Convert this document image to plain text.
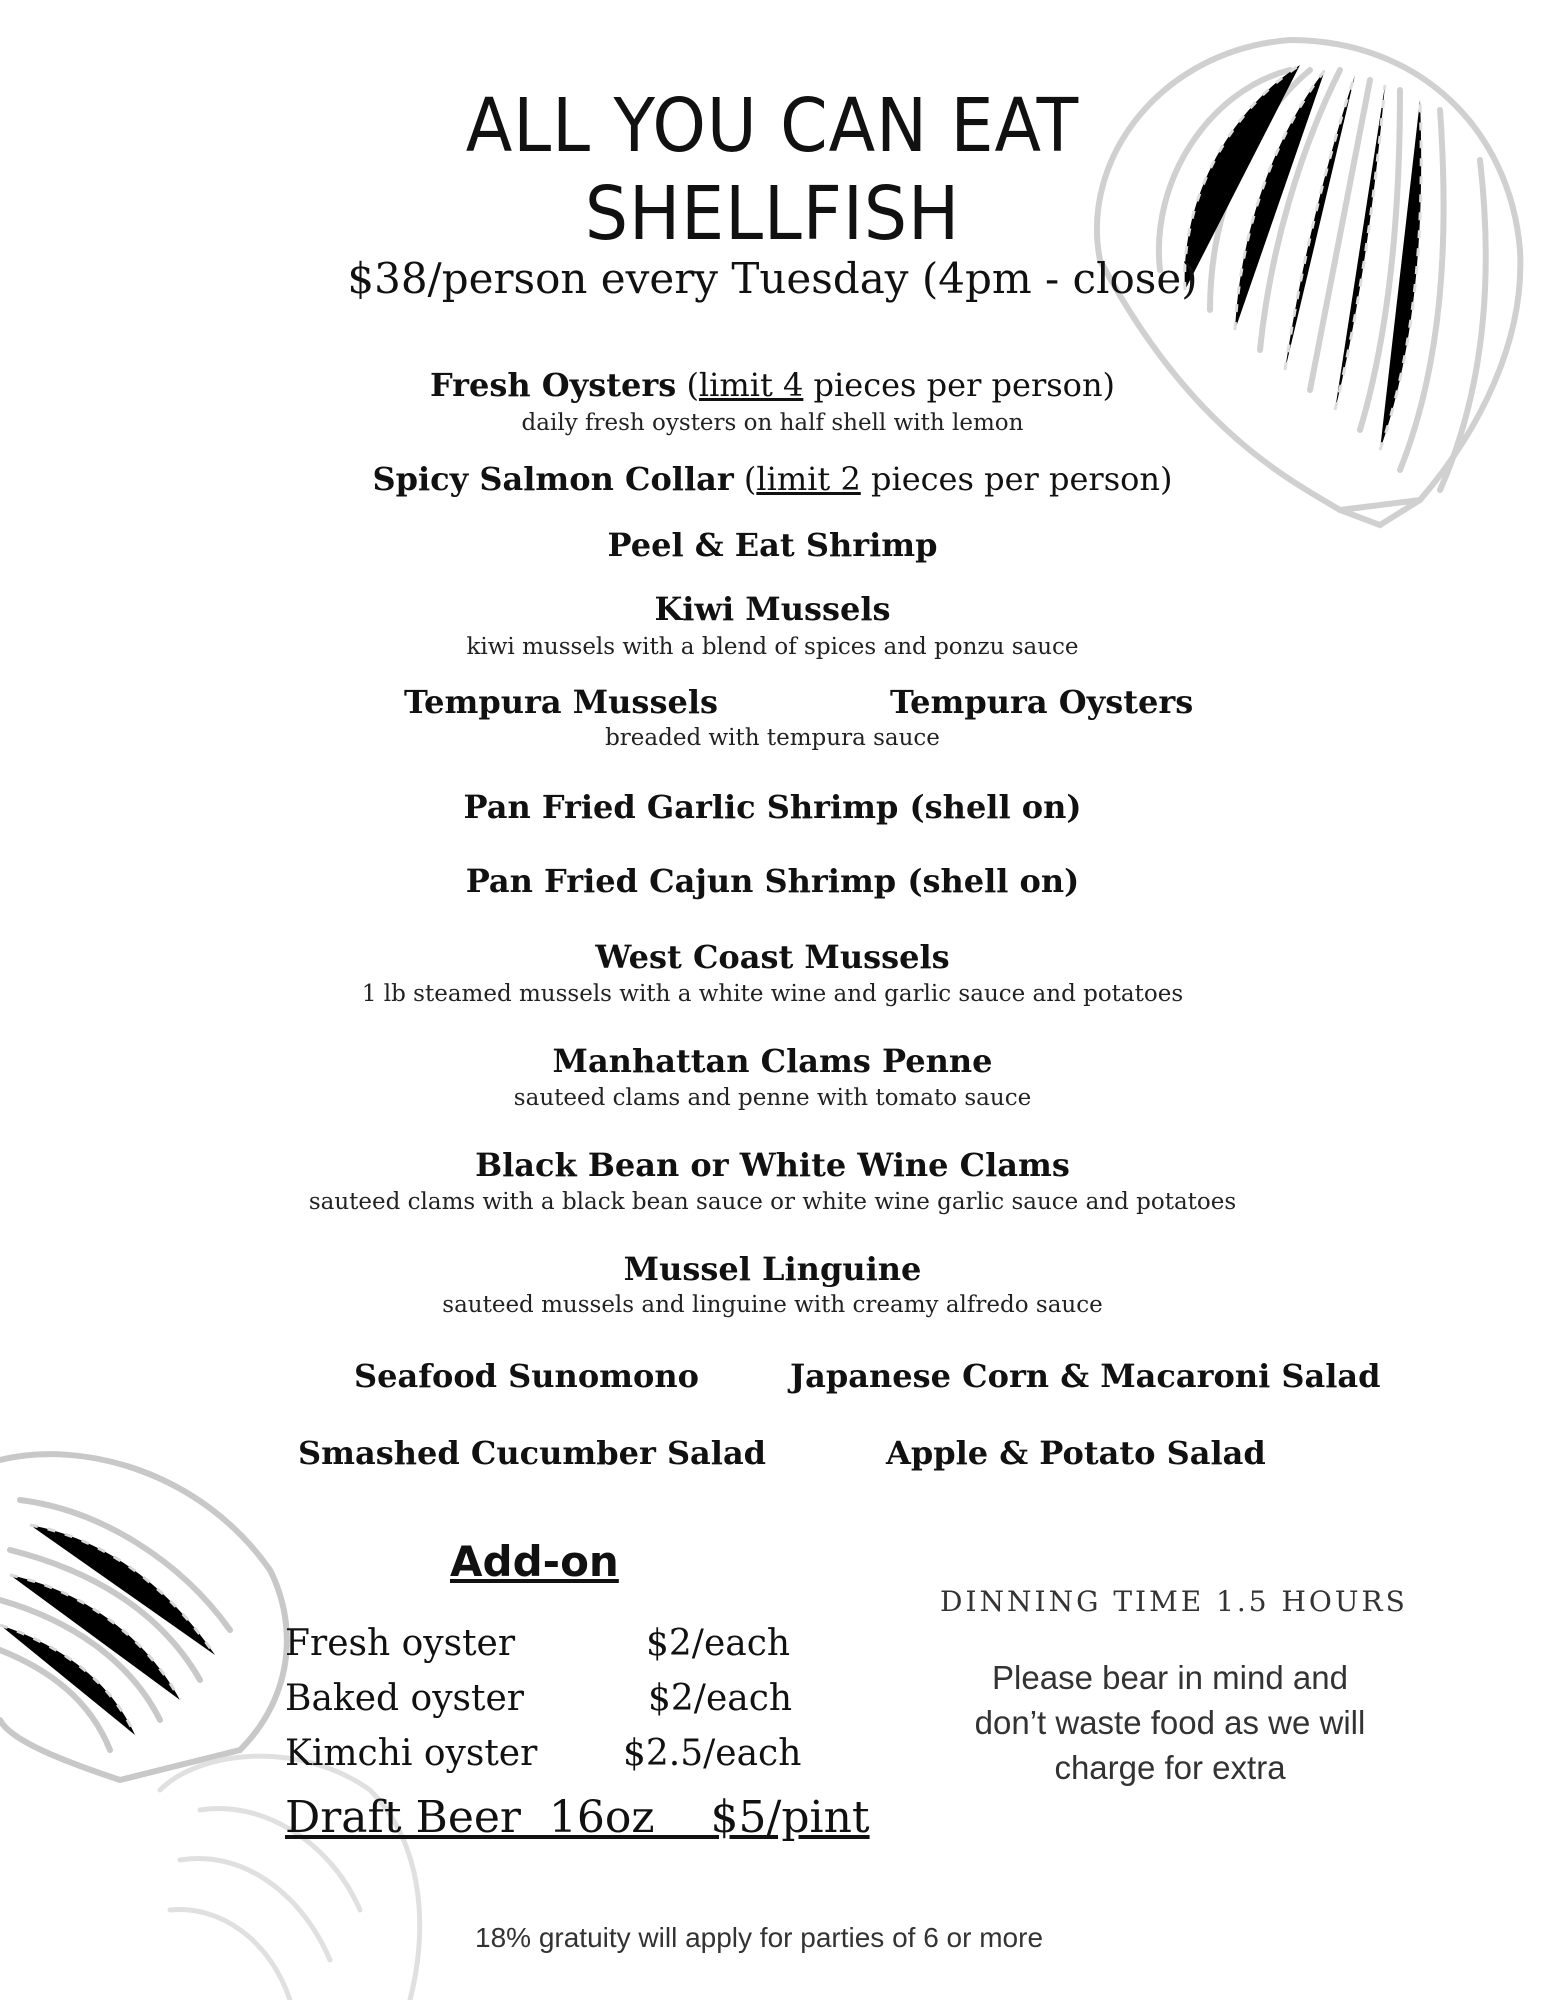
ALL YOU CAN EAT
SHELLFISH
$38/person every Tuesday (4pm - close)
Fresh Oysters (limit 4 pieces per person)
daily fresh oysters on half shell with lemon
Spicy Salmon Collar (limit 2 pieces per person)
Peel & Eat Shrimp
Kiwi Mussels
kiwi mussels with a blend of spices and ponzu sauce
Tempura Mussels	Tempura Oysters
breaded with tempura sauce
Pan Fried Garlic Shrimp (shell on)
Pan Fried Cajun Shrimp (shell on)
West Coast Mussels
1 lb steamed mussels with a white wine and garlic sauce and potatoes
Manhattan Clams Penne
sauteed clams and penne with tomato sauce
Black Bean or White Wine Clams
sauteed clams with a black bean sauce or white wine garlic sauce and potatoes
Mussel Linguine
sauteed mussels and linguine with creamy alfredo sauce
Seafood Sunomono	Japanese Corn & Macaroni Salad
Smashed Cucumber Salad	Apple & Potato Salad
Add-on
Fresh oyster	$2/each
Baked oyster	$2/each
Kimchi oyster $2.5/each
Draft Beer  16oz    $5/pint
DINNING TIME 1.5 HOURS
Please bear in mind and
don’t waste food as we will
charge for extra
18% gratuity will apply for parties of 6 or more
